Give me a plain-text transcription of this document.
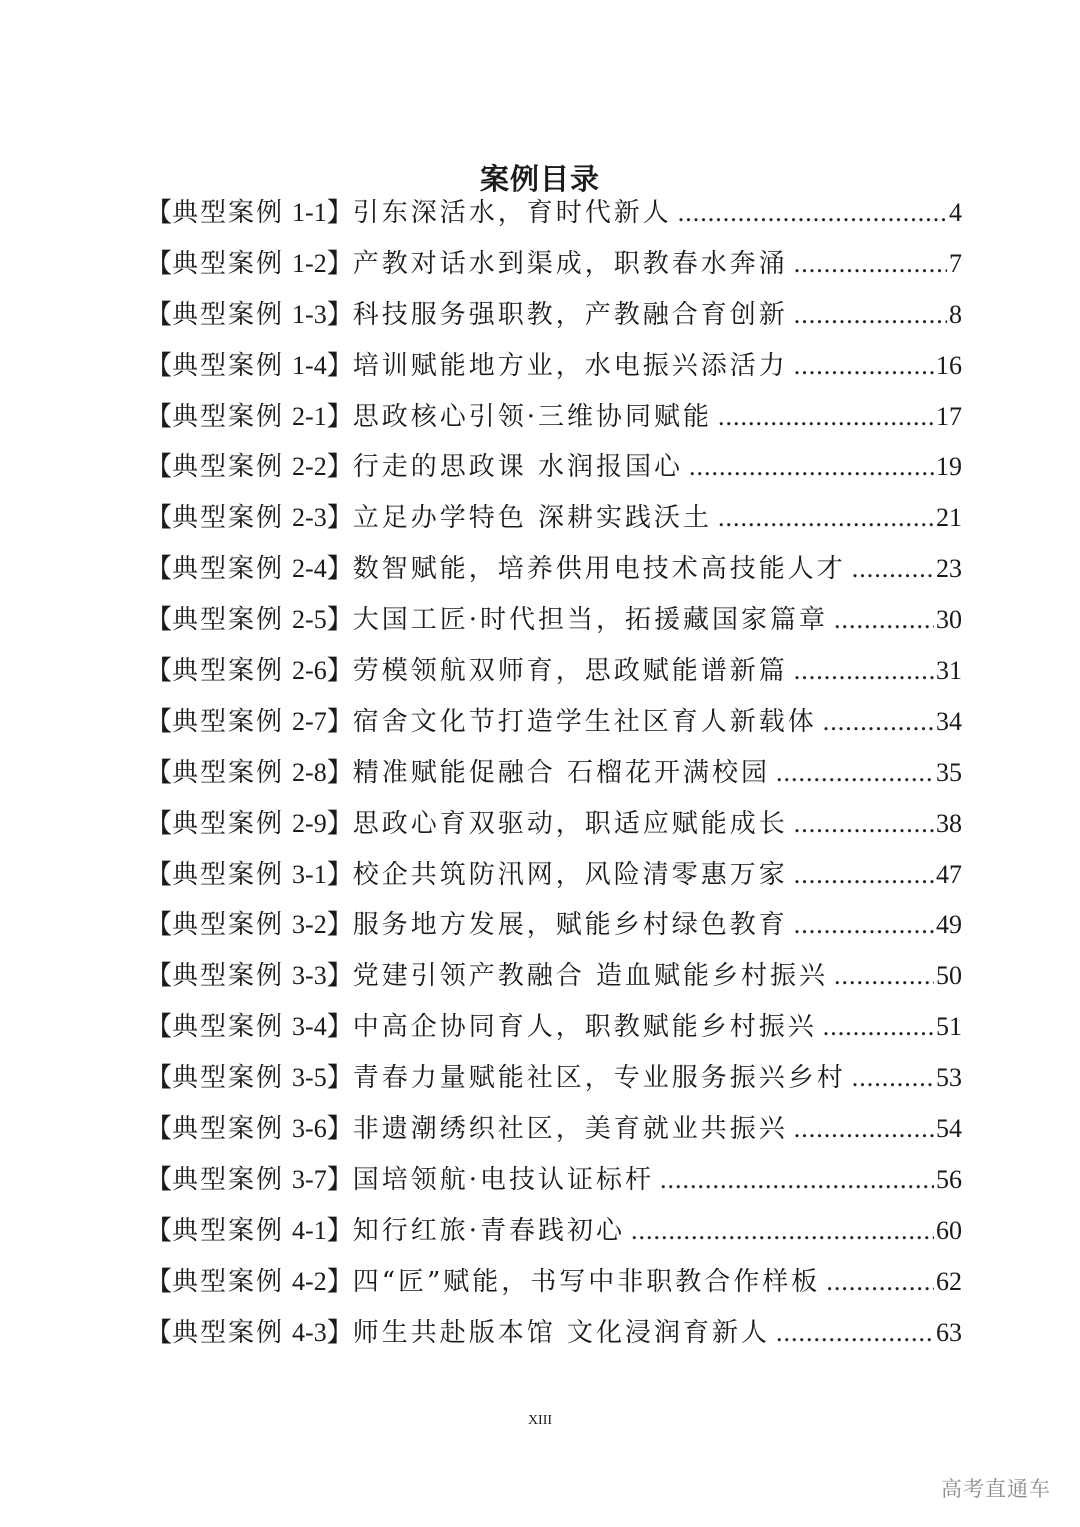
案例目录
【 典型案例 1-1 】 引东深活水，育时代新人 .....	4
【 典型案例 1-2 】 产教对话水到渠成，职教春水奔涌 .....	7
【 典型案例 1-3 】 科技服务强职教，产教融合育创新 .....	8
【 典型案例 1-4 】 培训赋能地方业，水电振兴添活力 .....	16
【 典型案例 2-1 】 思政核心引领·三维协同赋能 .....	17
【 典型案例 2-2 】 行走的思政课 水润报国心 .....	19
【 典型案例 2-3 】 立足办学特色 深耕实践沃土 .....	21
【 典型案例 2-4 】 数智赋能，培养供用电技术高技能人才 .....	23
【 典型案例 2-5 】 大国工匠·时代担当，拓援藏国家篇章 .....	30
【 典型案例 2-6 】 劳模领航双师育，思政赋能谱新篇 .....	31
【 典型案例 2-7 】 宿舍文化节打造学生社区育人新载体 .....	34
【 典型案例 2-8 】 精准赋能促融合 石榴花开满校园 .....	35
【 典型案例 2-9 】 思政心育双驱动，职适应赋能成长 .....	38
【 典型案例 3-1 】 校企共筑防汛网，风险清零惠万家 .....	47
【 典型案例 3-2 】 服务地方发展，赋能乡村绿色教育 .....	49
【 典型案例 3-3 】 党建引领产教融合 造血赋能乡村振兴 .....	50
【 典型案例 3-4 】 中高企协同育人，职教赋能乡村振兴 .....	51
【 典型案例 3-5 】 青春力量赋能社区，专业服务振兴乡村 .....	53
【 典型案例 3-6 】 非遗潮绣织社区，美育就业共振兴 .....	54
【 典型案例 3-7 】 国培领航·电技认证标杆 .....	56
【 典型案例 4-1 】 知行红旅·青春践初心 .....	60
【 典型案例 4-2 】 四“匠”赋能，书写中非职教合作样板 .....	62
【 典型案例 4-3 】 师生共赴版本馆 文化浸润育新人 .....	63
XIII
高考直通车
